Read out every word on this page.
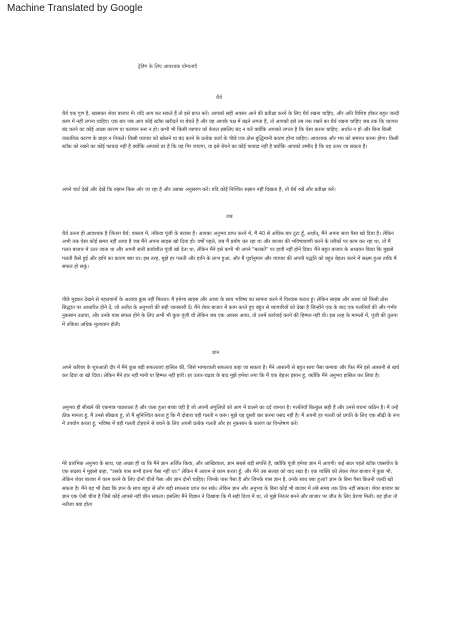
Machine Translated by Google
ट्रेडिंग के लिए आवश्यक योग्यताएँ
धैर्य
धैर्य एक गुण है, खासकर शेयर बाजार में। यदि आप कर सकते हैं तो इसे प्राप्त करें। आपको सही अवसर आने की प्रतीक्षा करने के लिए धैर्य रखना चाहिए, और अति विशिष्ट होकर बहुत जल्दी काम में नहीं लगना चाहिए। एक बार जब आप कोई स्टॉक खरीदते या बेचते हैं और यह आपके पक्ष में बढ़ने लगता है, तो आपको इसे तब तक रखने का धैर्य रखना चाहिए जब तक कि व्यापार बंद करने का कोई अच्छा कारण या पलायन स्तर न हो। कभी भी किसी व्यापार को केवल इसलिए बंद न करें क्योंकि आपको लगता है कि ऐसा करना चाहिए; अर्थात न हो और बिना किसी वास्तविक कारण के बाहर न निकलें। किसी व्यापार को खोलने या बंद करने के प्रत्येक कार्य के पीछे एक ठोस बुद्धिमानी कारण होना चाहिए। आवश्यक और भय को समाप्त करना होगा। किसी स्टॉक को रखने का कोई फायदा नहीं है क्योंकि आपको डर है कि यह गिर जाएगा, या इसे बेचने का कोई फायदा नहीं है क्योंकि आपको उम्मीद है कि यह ऊपर जा सकता है।
अपने चार्ट देखें और देखें कि रुझान किस ओर जा रहा है और उसका अनुसरण करें। यदि कोई निश्चित रुझान नहीं दिखता है, तो धैर्य रखें और प्रतीक्षा करें।
जब
धैर्य उतना ही आवश्यक है जितना धैर्य; वास्तव में, तकिया पूंजी के बराबर है। आपका अनुभव प्राप्त करने में, मैं 40 से अधिक बार टूटा हूँ, अर्थात्, मैंने अपना सारा पैसा खो दिया है। लेकिन अभी तक ऐसा कोई समय नहीं आया है जब मैंने अपना साहस खो दिया हो। वर्षों पहले, जब मैं प्रयोग कर रहा था और बाजार की भविष्यवाणी करने के तरीकों पर काम कर रहा था, तो मैं गलत बाजार में उतर जाता था और अपनी सारी कार्यशील पूंजी खो देता था, लेकिन मैंने इसे कभी भी अपने "बलकों" पर हावी नहीं होने दिया। मैंने बहुत बाजार के अध्ययन किया कि मुझसे गलती कैसे हुई और हानि का कारण क्या था। इस तरह, मुझे हर गलती और हानि के लाभ हुआ, और मैं पूर्वानुमान और व्यापार की अपनी पद्धति को बहुत बेहतर करने में सक्षम हुआ ताकि मैं सफल हो सकूं।
पीछे मुड़कर देखने से पहलवानों के अलावा कुछ नहीं मिलता। मैं हमेशा साहस और आशा के साथ भविष्य का सामना करने में विश्वास करता हूं। लेकिन साहस और आशा को किसी ठोस सिद्धांत पर आधारित होने दें, जो अतीत के अनुभवों की सही जानकारी दें। मैंने शेयर बाजार में काम करते हुए बहुत से व्यापारियों को देखा है जिन्होंने एक के बाद एक गलतियाँ कीं और गंभीर नुकसान उठाया, और उनके पास सफल होने के लिए अभी भी कुछ पूंजी थी लेकिन जब एक अवसर आया, तो उनमें कार्रवाई करने की हिम्मत नहीं थी। इस तरह के मामलों में, पूंजी की तुलना में तकिया अधिक मूल्यवान होती।
ज्ञान
अपने करियर के शुरुआती दौर में मैंने कुछ बड़ी सफलताएं हासिल कीं, जिसे भाग्यशाली सफलता कहा जा सकता है। मैंने आसानी से बहुत सारा पैसा कमाया और फिर मैंने इसे आसानी से खर्च कर दिया या खो दिया। लेकिन मैंने हार नहीं मानी या हिम्मत नहीं हारी। हर उतार-चढ़ाव के बाद मुझे हमेशा लगा कि मैं एक बेहतर इंसान हूं, क्योंकि मैंने अनुभव हासिल कर लिया है।
अनुभव ही सीखने की एकमात्र पाठशाला है और जला हुआ बच्चा वही है जो अपनी अंगुलियों को आग में डालने का दर्द जानता है। गलतियाँ बिल्कुल सही हैं और उनसे बचना कठिन है। मैं उन्हें ठीक मानता हूं, मैं उनसे सीखता हूं, तो मैं सुनिश्चित करता हूं कि मैं दोबारा वही गलती न करूं। मुझे यह दूसरी बार करना पसंद नहीं है। मैं अपनी हर गलती को प्रगति के लिए एक सीढ़ी के रूप में उपयोग करता हूं, भविष्य में वही गलती टोहराने से बचने के लिए अपनी प्रत्येक गलती और हर नुकसान के कारण का विश्लेषण करें।
मेरे प्रारंभिक अनुभव के साथ, यह अच्छा ही था कि मैंने ज्ञान अर्जित किया, और आखिरकार, ज्ञान सबसे बड़ी संपत्ति है, क्योंकि पूंजी हमेशा ज्ञान में आएगी। कई साल पहले स्टॉक एक्सचेंज के एक सदस्य ने मुझसे कहा, "उसके पास कभी इतना पैसा नहीं था।" लेकिन मैं आराम से काम करता हूँ, और मैंने उस सलाह को याद रखा है। एक व्यक्ति को लेकर शेयर बाजार में कुछ भी, लेकिन शेयर बाजार में काम करने के लिए दोनों चीजें पैसा और ज्ञान दोनों चाहिए। जिनके पास पैसा है और जिनके पास ज्ञान है, उनके साथ क्या हुआ? ज्ञान के बिना पैसा कितनी जल्दी खो सकता है। मैंने यह भी देखा कि ज्ञान के साथ बहुत से लोग बड़ी सफलता प्राप्त कर सके। लेकिन ज्ञान और अनुभव के बिना कोई भी बाजार में लंबे समय तक टिक नहीं सकता। शेयर बाजार का ज्ञान एक ऐसी चीज है जिसे कोई आपसे नहीं छीन सकता। इसलिए मैंने विज्ञान ने दिखाया कि मैं सही दिशा में था, तो मुझे निरंतर बनने और बाजार पर जीत के लिए प्रेरणा मिली। यह होता तो नतीजा क्या होता
